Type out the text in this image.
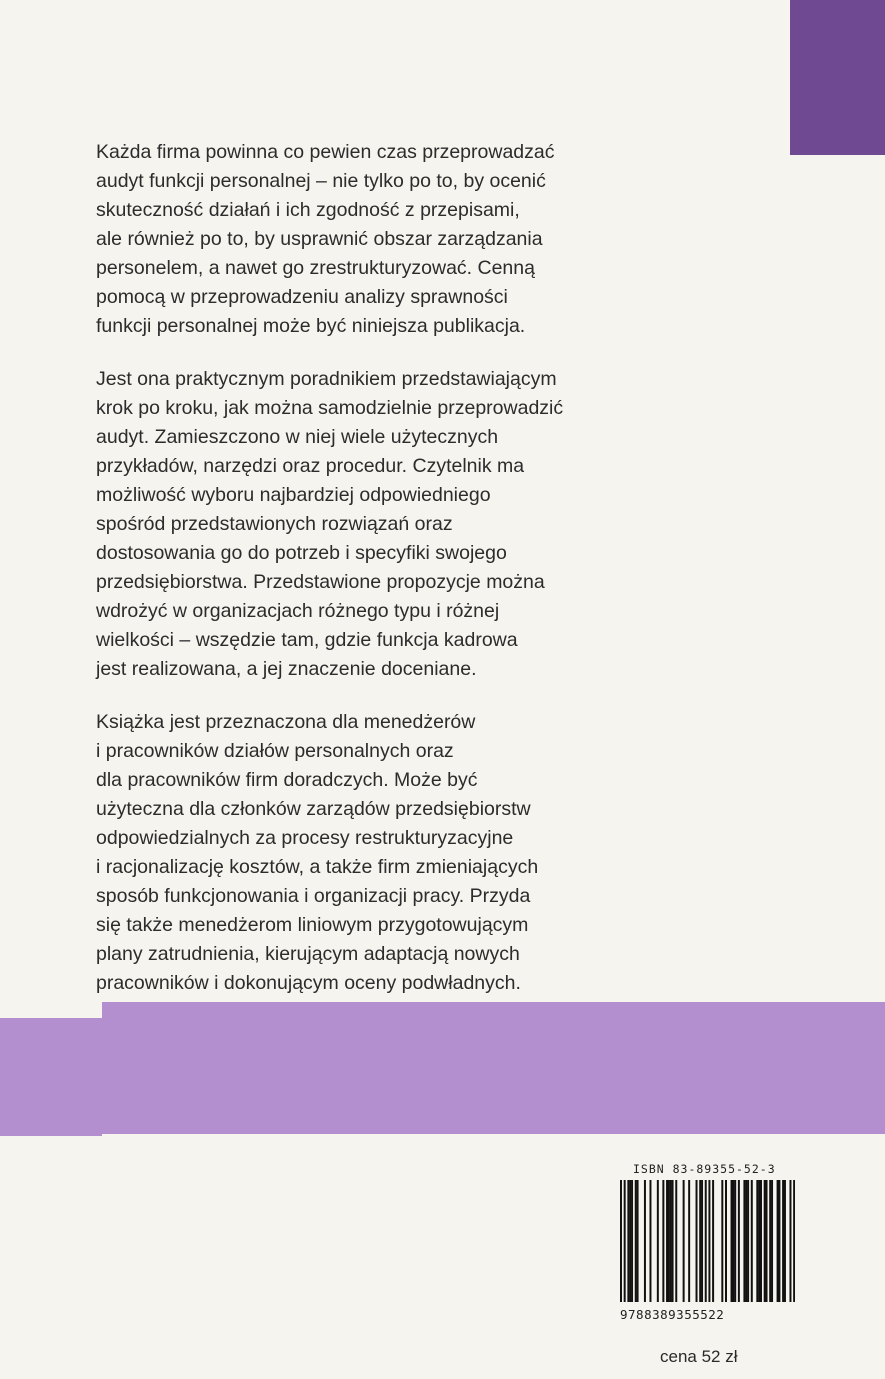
Każda firma powinna co pewien czas przeprowadzać
audyt funkcji personalnej – nie tylko po to, by ocenić
skuteczność działań i ich zgodność z przepisami,
ale również po to, by usprawnić obszar zarządzania
personelem, a nawet go zrestrukturyzować. Cenną
pomocą w przeprowadzeniu analizy sprawności
funkcji personalnej może być niniejsza publikacja.

Jest ona praktycznym poradnikiem przedstawiającym
krok po kroku, jak można samodzielnie przeprowadzić
audyt. Zamieszczono w niej wiele użytecznych
przykładów, narzędzi oraz procedur. Czytelnik ma
możliwość wyboru najbardziej odpowiedniego
spośród przedstawionych rozwiązań oraz
dostosowania go do potrzeb i specyfiki swojego
przedsiębiorstwa. Przedstawione propozycje można
wdrożyć w organizacjach różnego typu i różnej
wielkości – wszędzie tam, gdzie funkcja kadrowa
jest realizowana, a jej znaczenie doceniane.

Książka jest przeznaczona dla menedżerów
i pracowników działów personalnych oraz
dla pracowników firm doradczych. Może być
użyteczna dla członków zarządów przedsiębiorstw
odpowiedzialnych za procesy restrukturyzacyjne
i racjonalizację kosztów, a także firm zmieniających
sposób funkcjonowania i organizacji pracy. Przyda
się także menedżerom liniowym przygotowującym
plany zatrudnienia, kierującym adaptacją nowych
pracowników i dokonującym oceny podwładnych.

ISBN 83-89355-52-3
9788389355522
cena 52 zł
